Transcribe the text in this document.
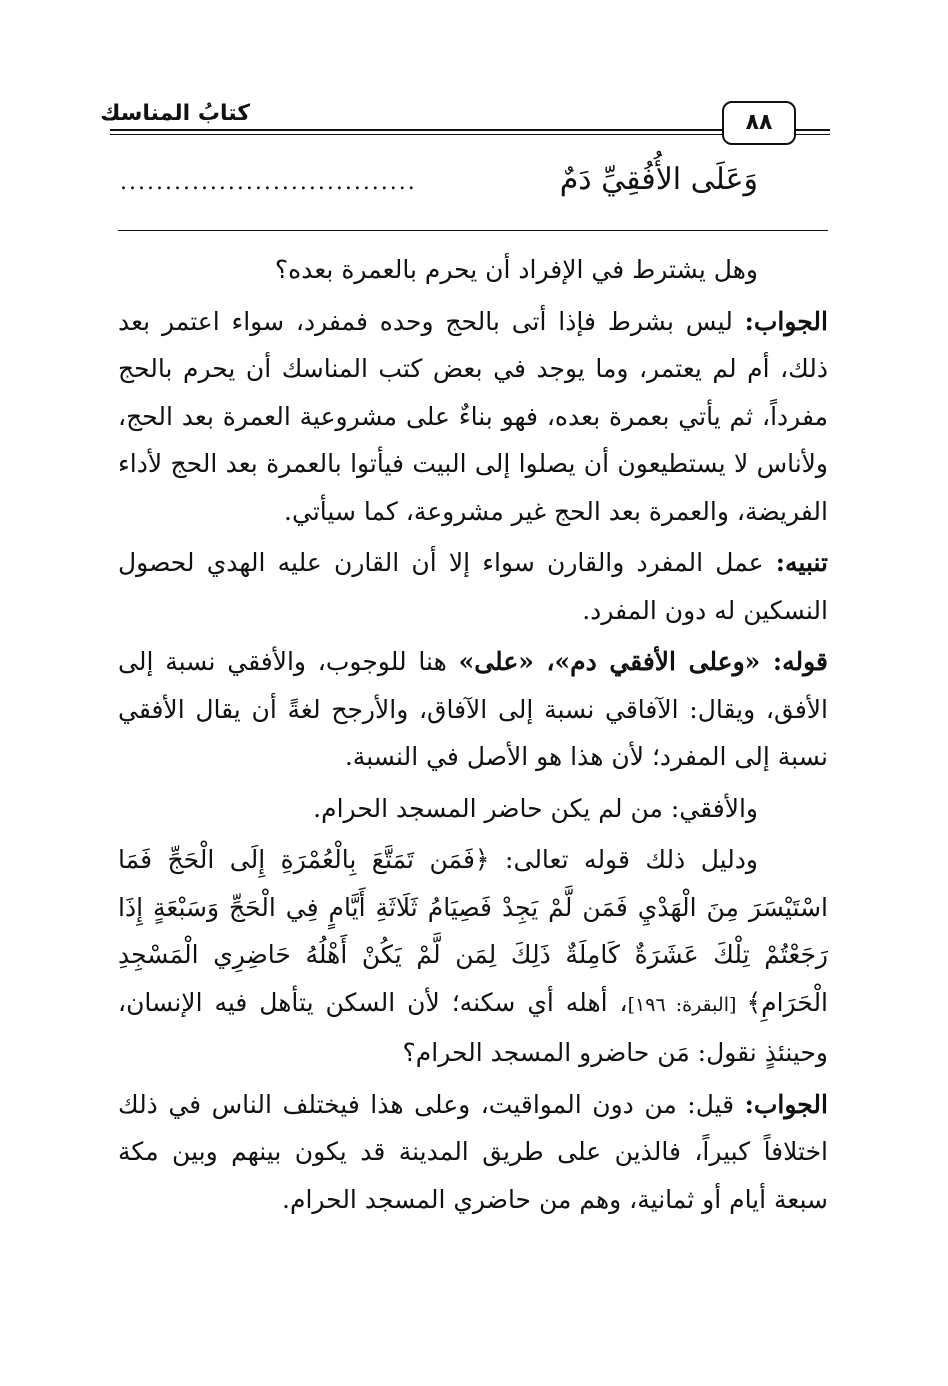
كتابُ المناسك	٨٨
وَعَلَى الأُفُقِيِّ دَمٌ
.................................

وهل يشترط في الإفراد أن يحرم بالعمرة بعده؟

الجواب: ليس بشرط فإذا أتى بالحج وحده فمفرد، سواء اعتمر بعد ذلك، أم لم يعتمر، وما يوجد في بعض كتب المناسك أن يحرم بالحج مفرداً، ثم يأتي بعمرة بعده، فهو بناءٌ على مشروعية العمرة بعد الحج، ولأناس لا يستطيعون أن يصلوا إلى البيت فيأتوا بالعمرة بعد الحج لأداء الفريضة، والعمرة بعد الحج غير مشروعة، كما سيأتي.

تنبيه: عمل المفرد والقارن سواء إلا أن القارن عليه الهدي لحصول النسكين له دون المفرد.

قوله: «وعلى الأفقي دم»، «على» هنا للوجوب، والأفقي نسبة إلى الأفق، ويقال: الآفاقي نسبة إلى الآفاق، والأرجح لغةً أن يقال الأفقي نسبة إلى المفرد؛ لأن هذا هو الأصل في النسبة.

والأفقي: من لم يكن حاضر المسجد الحرام.

ودليل ذلك قوله تعالى: ﴿فَمَن تَمَتَّعَ بِالْعُمْرَةِ إِلَى الْحَجِّ فَمَا اسْتَيْسَرَ مِنَ الْهَدْيِ فَمَن لَّمْ يَجِدْ فَصِيَامُ ثَلَاثَةِ أَيَّامٍ فِي الْحَجِّ وَسَبْعَةٍ إِذَا رَجَعْتُمْ تِلْكَ عَشَرَةٌ كَامِلَةٌ ذَلِكَ لِمَن لَّمْ يَكُنْ أَهْلُهُ حَاضِرِي الْمَسْجِدِ الْحَرَامِ﴾ [البقرة: ١٩٦]، أهله أي سكنه؛ لأن السكن يتأهل فيه الإنسان، وحينئذٍ نقول: مَن حاضرو المسجد الحرام؟

الجواب: قيل: من دون المواقيت، وعلى هذا فيختلف الناس في ذلك اختلافاً كبيراً، فالذين على طريق المدينة قد يكون بينهم وبين مكة سبعة أيام أو ثمانية، وهم من حاضري المسجد الحرام.
